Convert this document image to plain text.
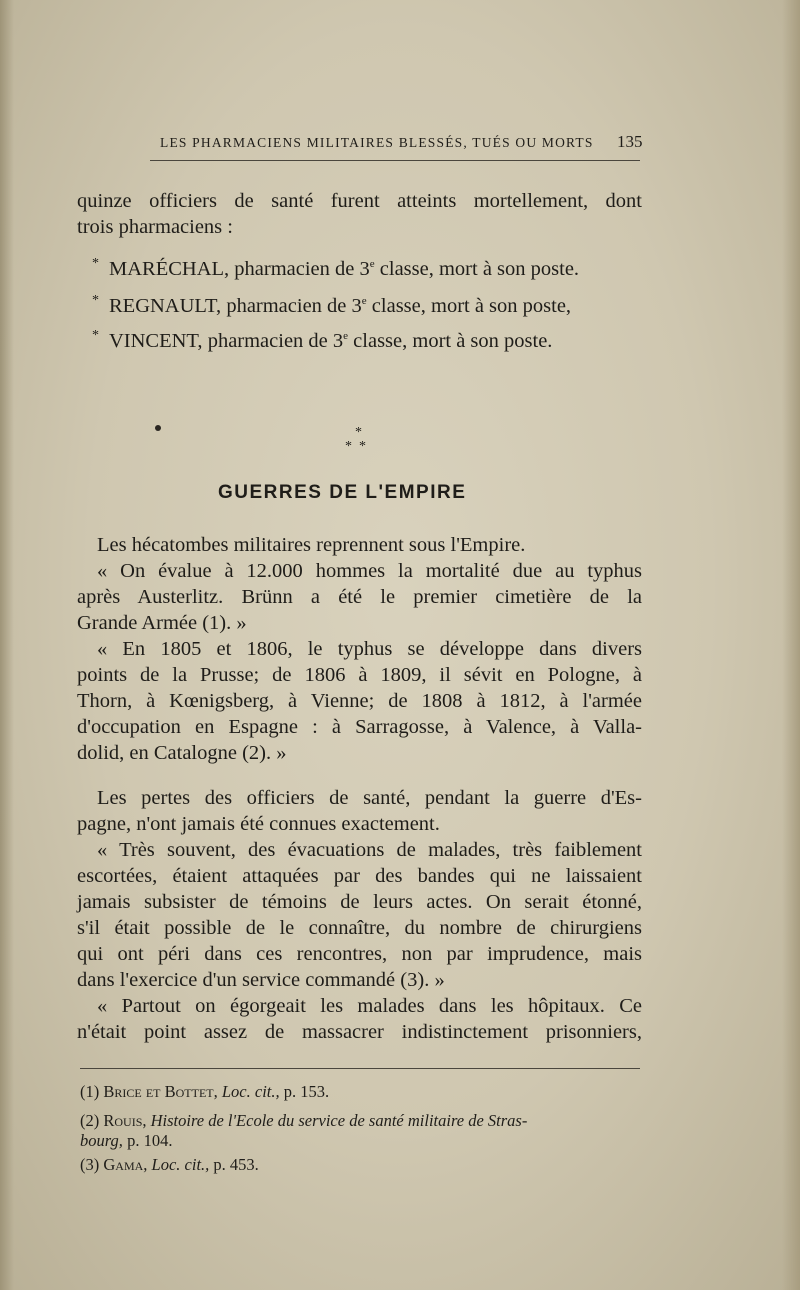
LES PHARMACIENS MILITAIRES BLESSÉS, TUÉS OU MORTS 135
quinze officiers de santé furent atteints mortellement, dont
trois pharmaciens :
* MARÉCHAL, pharmacien de 3e classe, mort à son poste.
* REGNAULT, pharmacien de 3e classe, mort à son poste,
* VINCENT, pharmacien de 3e classe, mort à son poste.
*
* *
GUERRES DE L'EMPIRE
Les hécatombes militaires reprennent sous l'Empire.
« On évalue à 12.000 hommes la mortalité due au typhus
après Austerlitz. Brünn a été le premier cimetière de la
Grande Armée (1). »
« En 1805 et 1806, le typhus se développe dans divers
points de la Prusse; de 1806 à 1809, il sévit en Pologne, à
Thorn, à Kœnigsberg, à Vienne; de 1808 à 1812, à l'armée
d'occupation en Espagne : à Sarragosse, à Valence, à Valla-
dolid, en Catalogne (2). »
Les pertes des officiers de santé, pendant la guerre d'Es-
pagne, n'ont jamais été connues exactement.
« Très souvent, des évacuations de malades, très faiblement
escortées, étaient attaquées par des bandes qui ne laissaient
jamais subsister de témoins de leurs actes. On serait étonné,
s'il était possible de le connaître, du nombre de chirurgiens
qui ont péri dans ces rencontres, non par imprudence, mais
dans l'exercice d'un service commandé (3). »
« Partout on égorgeait les malades dans les hôpitaux. Ce
n'était point assez de massacrer indistinctement prisonniers,
(1) Brice et Bottet, Loc. cit., p. 153.
(2) Rouis, Histoire de l'Ecole du service de santé militaire de Stras-
bourg, p. 104.
(3) Gama, Loc. cit., p. 453.
